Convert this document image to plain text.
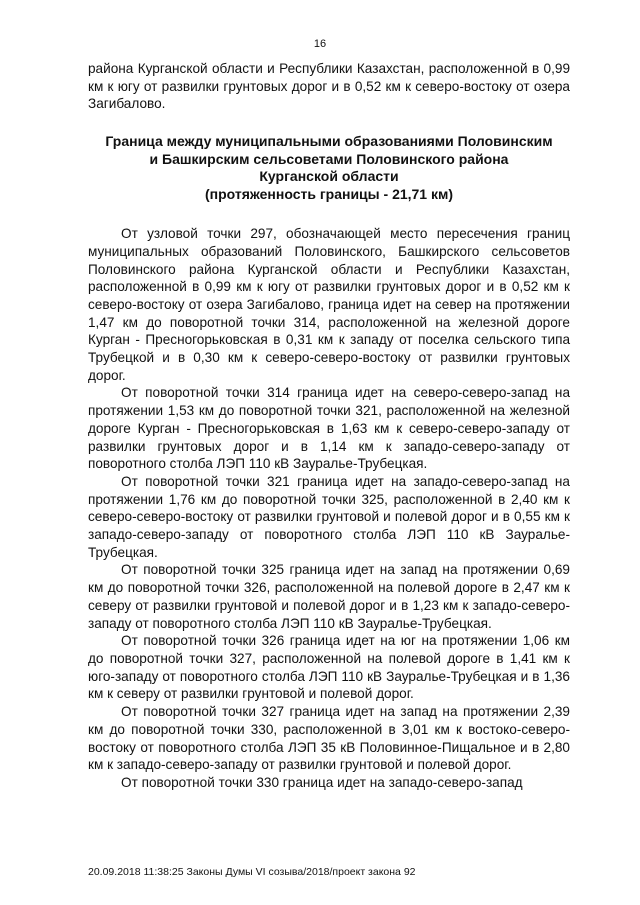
16

района Курганской области и Республики Казахстан, расположенной в 0,99 км к югу от развилки грунтовых дорог и в 0,52 км к северо-востоку от озера Загибалово.

Граница между муниципальными образованиями Половинским
и Башкирским сельсоветами Половинского района
Курганской области
(протяженность границы - 21,71 км)

От узловой точки 297, обозначающей место пересечения границ муниципальных образований Половинского, Башкирского сельсоветов Половинского района Курганской области и Республики Казахстан, расположенной в 0,99 км к югу от развилки грунтовых дорог и в 0,52 км к северо-востоку от озера Загибалово, граница идет на север на протяжении 1,47 км до поворотной точки 314, расположенной на железной дороге Курган - Пресногорьковская в 0,31 км к западу от поселка сельского типа Трубецкой и в 0,30 км к северо-северо-востоку от развилки грунтовых дорог.

От поворотной точки 314 граница идет на северо-северо-запад на протяжении 1,53 км до поворотной точки 321, расположенной на железной дороге Курган - Пресногорьковская в 1,63 км к северо-северо-западу от развилки грунтовых дорог и в 1,14 км к западо-северо-западу от поворотного столба ЛЭП 110 кВ Зауралье-Трубецкая.

От поворотной точки 321 граница идет на западо-северо-запад на протяжении 1,76 км до поворотной точки 325, расположенной в 2,40 км к северо-северо-востоку от развилки грунтовой и полевой дорог и в 0,55 км к западо-северо-западу от поворотного столба ЛЭП 110 кВ Зауралье-Трубецкая.

От поворотной точки 325 граница идет на запад на протяжении 0,69 км до поворотной точки 326, расположенной на полевой дороге в 2,47 км к северу от развилки грунтовой и полевой дорог и в 1,23 км к западо-северо-западу от поворотного столба ЛЭП 110 кВ Зауралье-Трубецкая.

От поворотной точки 326 граница идет на юг на протяжении 1,06 км до поворотной точки 327, расположенной на полевой дороге в 1,41 км к юго-западу от поворотного столба ЛЭП 110 кВ Зауралье-Трубецкая и в 1,36 км к северу от развилки грунтовой и полевой дорог.

От поворотной точки 327 граница идет на запад на протяжении 2,39 км до поворотной точки 330, расположенной в 3,01 км к востоко-северо-востоку от поворотного столба ЛЭП 35 кВ Половинное-Пищальное и в 2,80 км к западо-северо-западу от развилки грунтовой и полевой дорог.

От поворотной точки 330 граница идет на западо-северо-запад

20.09.2018 11:38:25 Законы Думы VI созыва/2018/проект закона 92
